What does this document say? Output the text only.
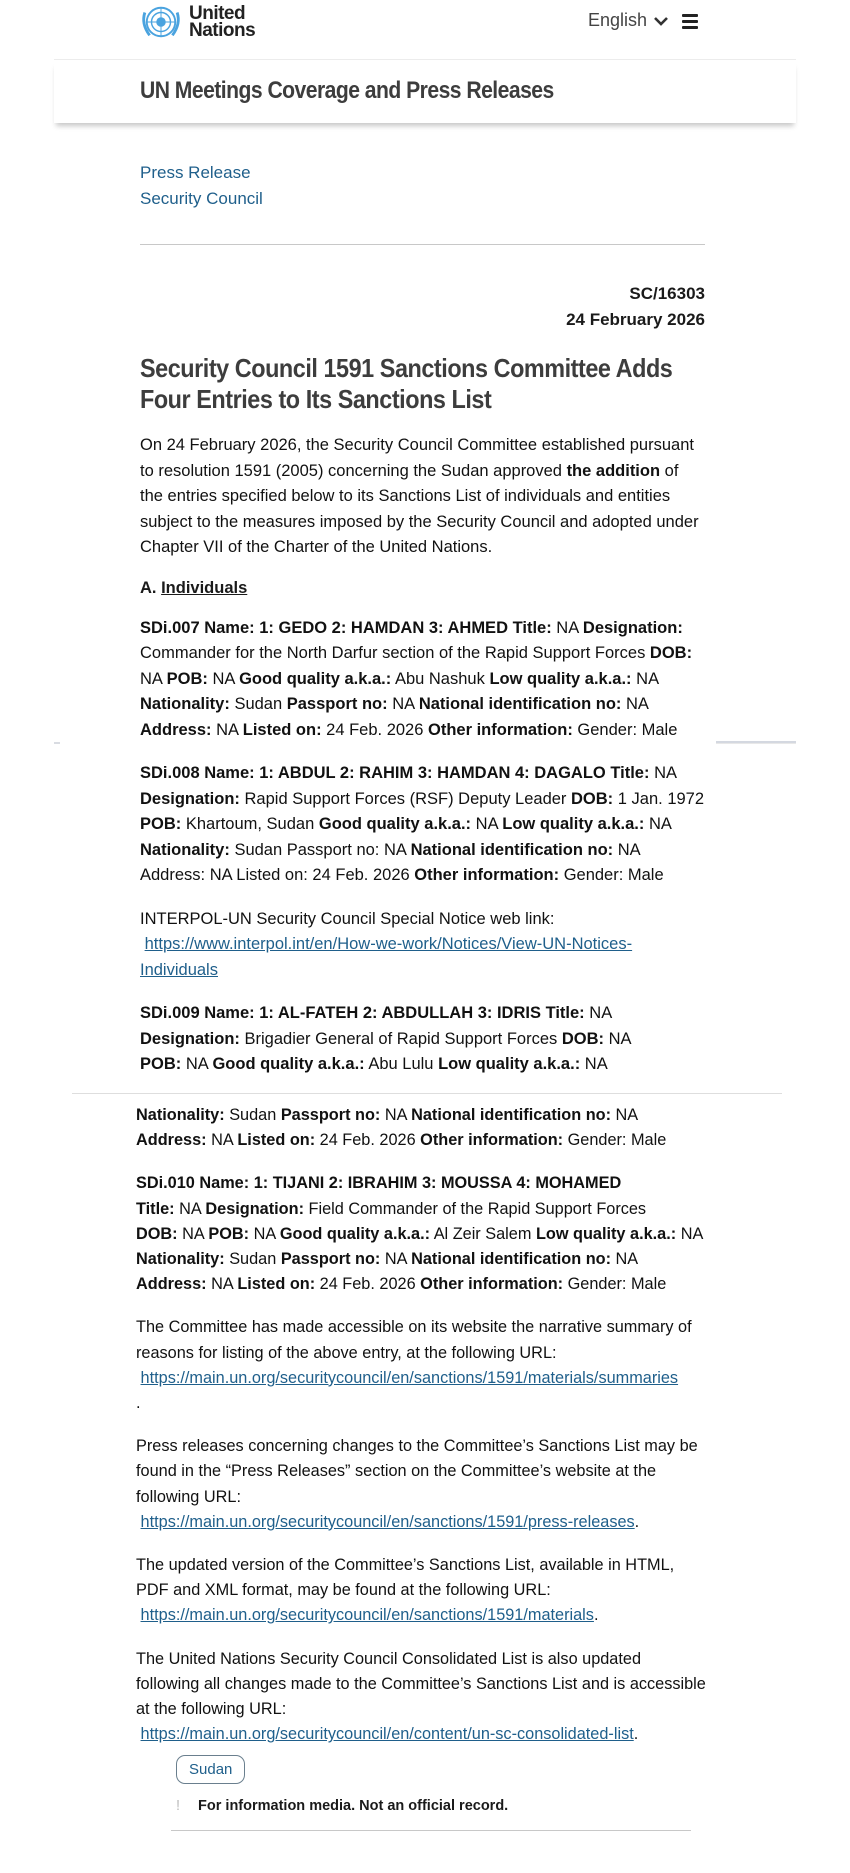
United
Nations	English
UN Meetings Coverage and Press Releases
Press Release
Security Council
SC/16303
24 February 2026
Security Council 1591 Sanctions Committee Adds Four Entries to Its Sanctions List

On 24 February 2026, the Security Council Committee established pursuant to resolution 1591 (2005) concerning the Sudan approved the addition of the entries specified below to its Sanctions List of individuals and entities subject to the measures imposed by the Security Council and adopted under Chapter VII of the Charter of the United Nations.

A. Individuals

SDi.007 Name: 1: GEDO 2: HAMDAN 3: AHMED Title: NA Designation: Commander for the North Darfur section of the Rapid Support Forces DOB: NA POB: NA Good quality a.k.a.: Abu Nashuk Low quality a.k.a.: NA Nationality: Sudan Passport no: NA National identification no: NA Address: NA Listed on: 24 Feb. 2026 Other information: Gender: Male

SDi.008 Name: 1: ABDUL 2: RAHIM 3: HAMDAN 4: DAGALO Title: NA Designation: Rapid Support Forces (RSF) Deputy Leader DOB: 1 Jan. 1972 POB: Khartoum, Sudan Good quality a.k.a.: NA Low quality a.k.a.: NA Nationality: Sudan Passport no: NA National identification no: NA Address: NA Listed on: 24 Feb. 2026 Other information: Gender: Male

INTERPOL-UN Security Council Special Notice web link:
https://www.interpol.int/en/How-we-work/Notices/View-UN-Notices-Individuals

SDi.009 Name: 1: AL-FATEH 2: ABDULLAH 3: IDRIS Title: NA
Designation: Brigadier General of Rapid Support Forces DOB: NA
POB: NA Good quality a.k.a.: Abu Lulu Low quality a.k.a.: NA

Nationality: Sudan Passport no: NA National identification no: NA
Address: NA Listed on: 24 Feb. 2026 Other information: Gender: Male

SDi.010 Name: 1: TIJANI 2: IBRAHIM 3: MOUSSA 4: MOHAMED
Title: NA Designation: Field Commander of the Rapid Support Forces
DOB: NA POB: NA Good quality a.k.a.: Al Zeir Salem Low quality a.k.a.: NA Nationality: Sudan Passport no: NA National identification no: NA Address: NA Listed on: 24 Feb. 2026 Other information: Gender: Male

The Committee has made accessible on its website the narrative summary of reasons for listing of the above entry, at the following URL:
https://main.un.org/securitycouncil/en/sanctions/1591/materials/summaries
.

Press releases concerning changes to the Committee’s Sanctions List may be found in the “Press Releases” section on the Committee’s website at the following URL:
https://main.un.org/securitycouncil/en/sanctions/1591/press-releases.

The updated version of the Committee’s Sanctions List, available in HTML, PDF and XML format, may be found at the following URL:
https://main.un.org/securitycouncil/en/sanctions/1591/materials.

The United Nations Security Council Consolidated List is also updated following all changes made to the Committee’s Sanctions List and is accessible at the following URL:
https://main.un.org/securitycouncil/en/content/un-sc-consolidated-list.

Sudan
! For information media. Not an official record.
